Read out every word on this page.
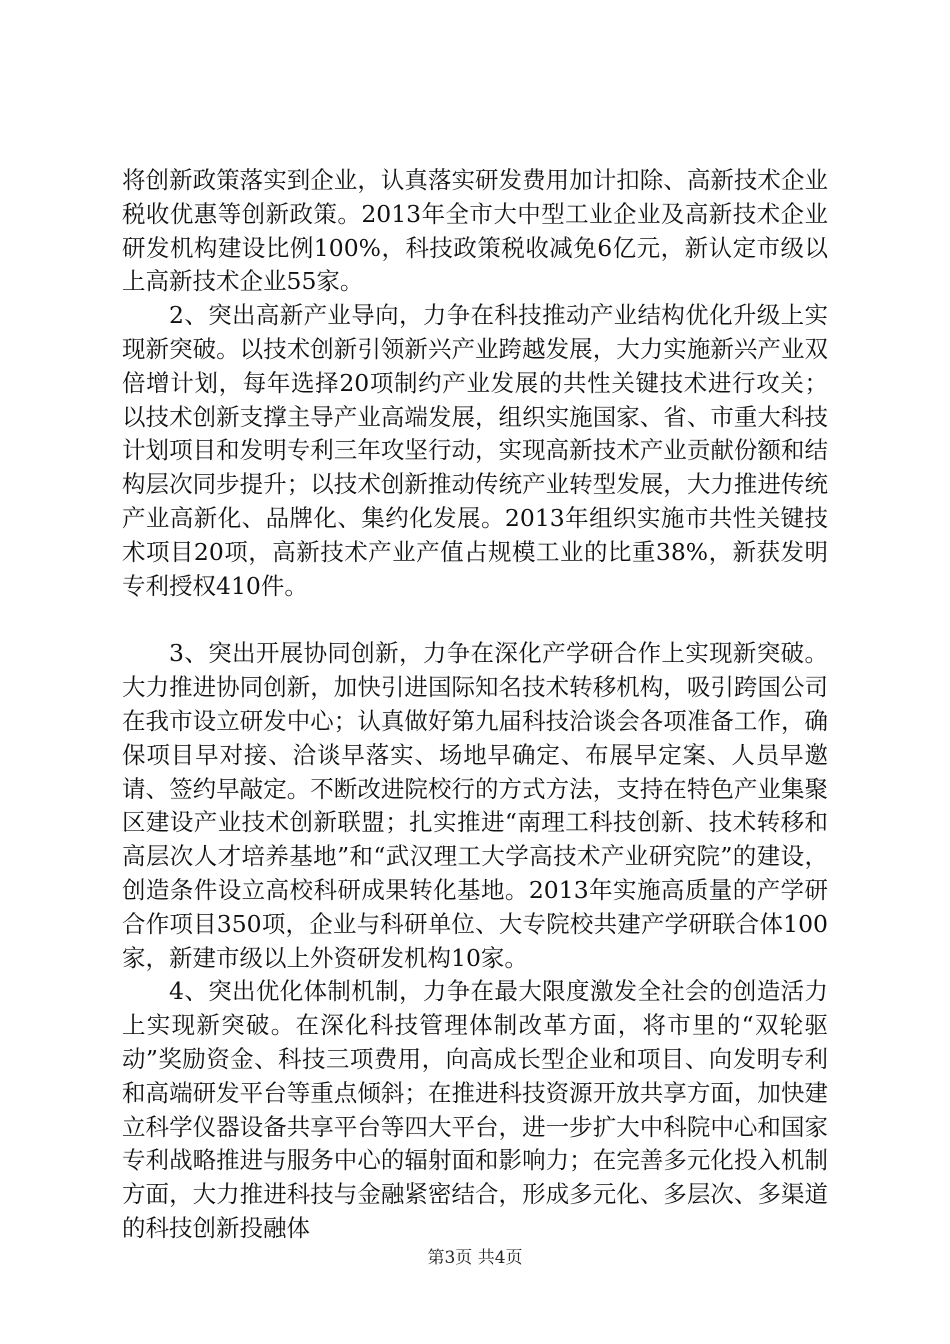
将创新政策落实到企业，认真落实研发费用加计扣除、高新技术企业税收优惠等创新政策。2013年全市大中型工业企业及高新技术企业研发机构建设比例100%，科技政策税收减免6亿元，新认定市级以上高新技术企业55家。

2、突出高新产业导向，力争在科技推动产业结构优化升级上实现新突破。以技术创新引领新兴产业跨越发展，大力实施新兴产业双倍增计划，每年选择20项制约产业发展的共性关键技术进行攻关；以技术创新支撑主导产业高端发展，组织实施国家、省、市重大科技计划项目和发明专利三年攻坚行动，实现高新技术产业贡献份额和结构层次同步提升；以技术创新推动传统产业转型发展，大力推进传统产业高新化、品牌化、集约化发展。2013年组织实施市共性关键技术项目20项，高新技术产业产值占规模工业的比重38%，新获发明专利授权410件。

3、突出开展协同创新，力争在深化产学研合作上实现新突破。大力推进协同创新，加快引进国际知名技术转移机构，吸引跨国公司在我市设立研发中心；认真做好第九届科技洽谈会各项准备工作，确保项目早对接、洽谈早落实、场地早确定、布展早定案、人员早邀请、签约早敲定。不断改进院校行的方式方法，支持在特色产业集聚区建设产业技术创新联盟；扎实推进“南理工科技创新、技术转移和高层次人才培养基地”和“武汉理工大学高技术产业研究院”的建设，创造条件设立高校科研成果转化基地。2013年实施高质量的产学研合作项目350项，企业与科研单位、大专院校共建产学研联合体100家，新建市级以上外资研发机构10家。

4、突出优化体制机制，力争在最大限度激发全社会的创造活力上实现新突破。在深化科技管理体制改革方面，将市里的“双轮驱动”奖励资金、科技三项费用，向高成长型企业和项目、向发明专利和高端研发平台等重点倾斜；在推进科技资源开放共享方面，加快建立科学仪器设备共享平台等四大平台，进一步扩大中科院中心和国家专利战略推进与服务中心的辐射面和影响力；在完善多元化投入机制方面，大力推进科技与金融紧密结合，形成多元化、多层次、多渠道的科技创新投融体

第3页 共4页
